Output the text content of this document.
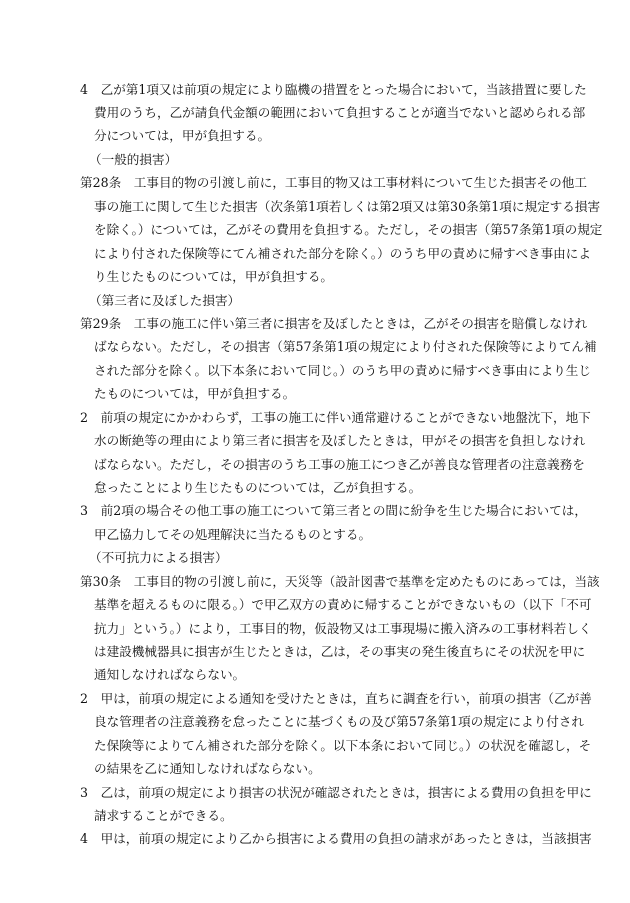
4　乙が第1項又は前項の規定により臨機の措置をとった場合において，当該措置に要した
費用のうち，乙が請負代金額の範囲において負担することが適当でないと認められる部
分については，甲が負担する。
（一般的損害）
第28条　工事目的物の引渡し前に，工事目的物又は工事材料について生じた損害その他工
事の施工に関して生じた損害（次条第1項若しくは第2項又は第30条第1項に規定する損害
を除く。）については，乙がその費用を負担する。ただし，その損害（第57条第1項の規定
により付された保険等にてん補された部分を除く。）のうち甲の責めに帰すべき事由によ
り生じたものについては，甲が負担する。
（第三者に及ぼした損害）
第29条　工事の施工に伴い第三者に損害を及ぼしたときは，乙がその損害を賠償しなけれ
ばならない。ただし，その損害（第57条第1項の規定により付された保険等によりてん補
された部分を除く。以下本条において同じ。）のうち甲の責めに帰すべき事由により生じ
たものについては，甲が負担する。
2　前項の規定にかかわらず，工事の施工に伴い通常避けることができない地盤沈下，地下
水の断絶等の理由により第三者に損害を及ぼしたときは，甲がその損害を負担しなけれ
ばならない。ただし，その損害のうち工事の施工につき乙が善良な管理者の注意義務を
怠ったことにより生じたものについては，乙が負担する。
3　前2項の場合その他工事の施工について第三者との間に紛争を生じた場合においては，
甲乙協力してその処理解決に当たるものとする。
（不可抗力による損害）
第30条　工事目的物の引渡し前に，天災等（設計図書で基準を定めたものにあっては，当該
基準を超えるものに限る。）で甲乙双方の責めに帰することができないもの（以下「不可
抗力」という。）により，工事目的物，仮設物又は工事現場に搬入済みの工事材料若しく
は建設機械器具に損害が生じたときは，乙は，その事実の発生後直ちにその状況を甲に
通知しなければならない。
2　甲は，前項の規定による通知を受けたときは，直ちに調査を行い，前項の損害（乙が善
良な管理者の注意義務を怠ったことに基づくもの及び第57条第1項の規定により付され
た保険等によりてん補された部分を除く。以下本条において同じ。）の状況を確認し，そ
の結果を乙に通知しなければならない。
3　乙は，前項の規定により損害の状況が確認されたときは，損害による費用の負担を甲に
請求することができる。
4　甲は，前項の規定により乙から損害による費用の負担の請求があったときは，当該損害
